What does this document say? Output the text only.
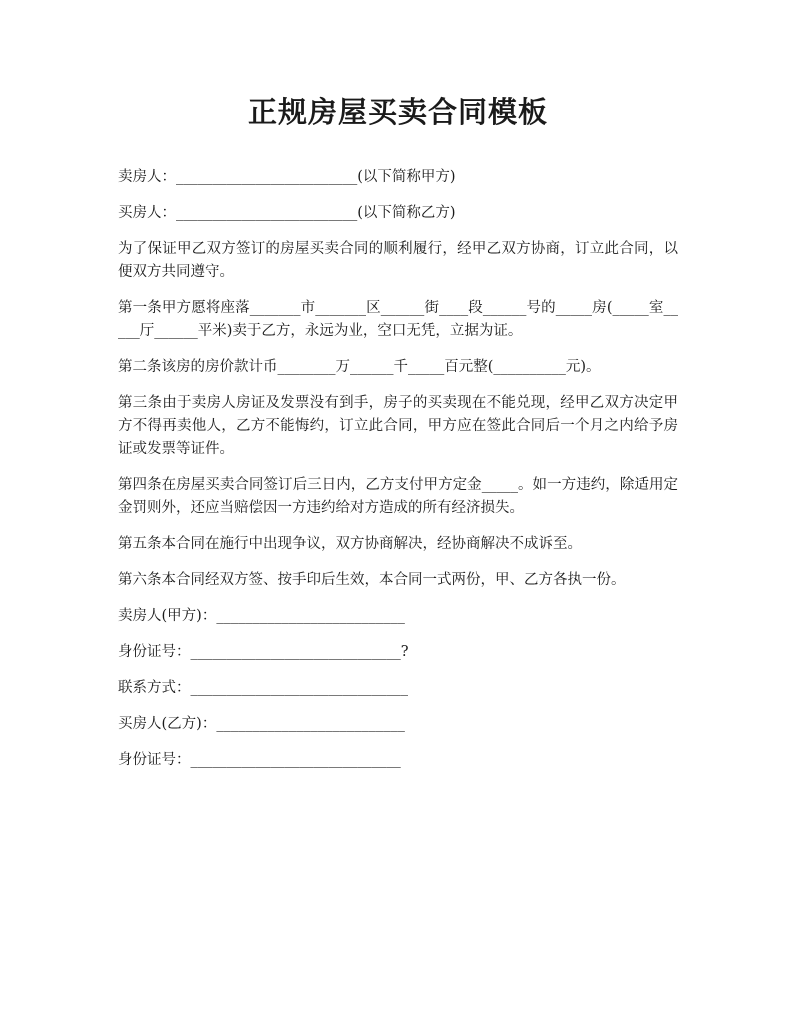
正规房屋买卖合同模板

卖房人：_________________________(以下简称甲方)

买房人：_________________________(以下简称乙方)

为了保证甲乙双方签订的房屋买卖合同的顺利履行，经甲乙双方协商，订立此合同，以便双方共同遵守。

第一条甲方愿将座落_______市_______区______街____段______号的_____房(_____室_____厅______平米)卖于乙方，永远为业，空口无凭，立据为证。

第二条该房的房价款计币________万______千_____百元整(__________元)。

第三条由于卖房人房证及发票没有到手，房子的买卖现在不能兑现，经甲乙双方决定甲方不得再卖他人，乙方不能悔约，订立此合同，甲方应在签此合同后一个月之内给予房证或发票等证件。

第四条在房屋买卖合同签订后三日内，乙方支付甲方定金_____。如一方违约，除适用定金罚则外，还应当赔偿因一方违约给对方造成的所有经济损失。

第五条本合同在施行中出现争议，双方协商解决，经协商解决不成诉至。

第六条本合同经双方签、按手印后生效，本合同一式两份，甲、乙方各执一份。

卖房人(甲方)：__________________________

身份证号：_____________________________?

联系方式：______________________________

买房人(乙方)：__________________________

身份证号：_____________________________
